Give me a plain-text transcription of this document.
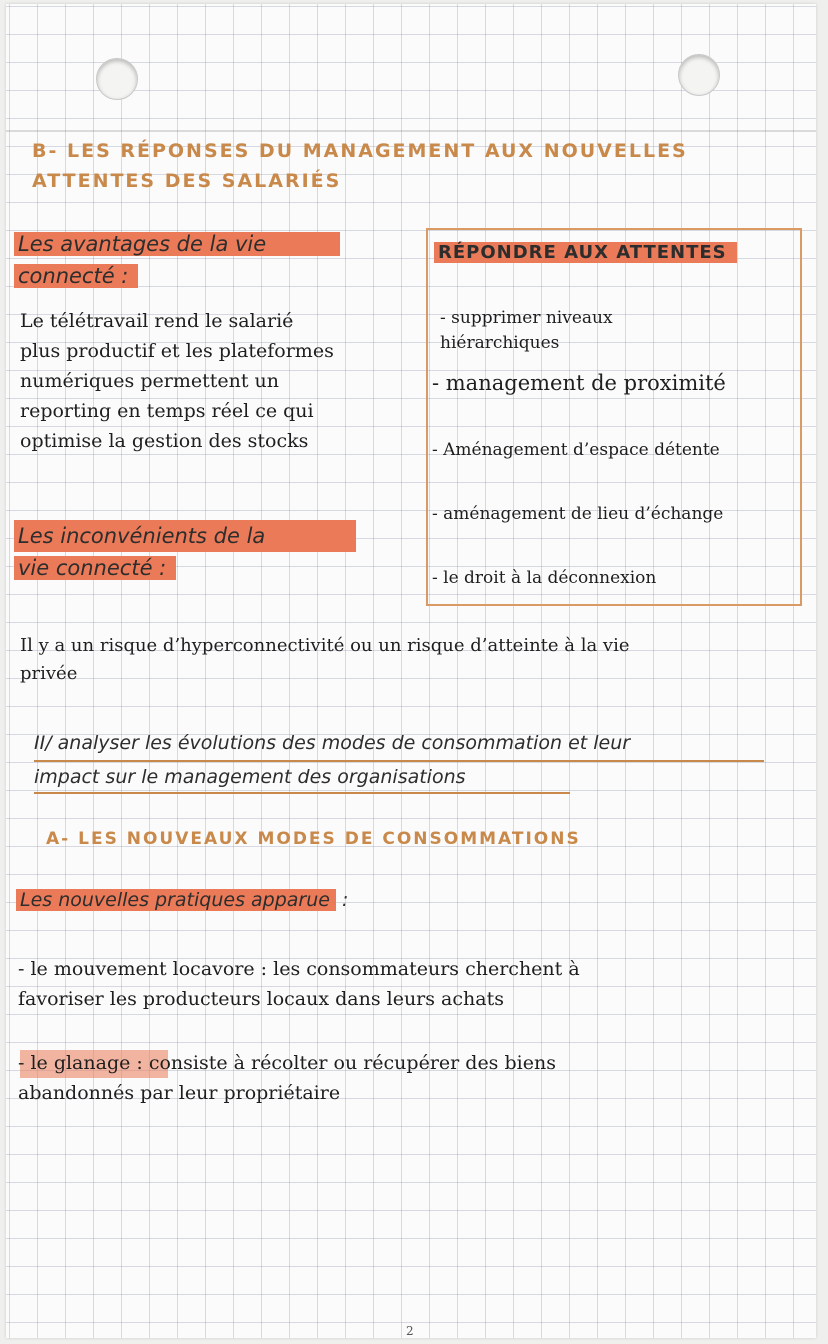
B- LES RÉPONSES DU MANAGEMENT AUX NOUVELLES
ATTENTES DES SALARIÉS
Les avantages de la vie
connecté :
Le télétravail rend le salarié
plus productif et les plateformes
numériques permettent un
reporting en temps réel ce qui
optimise la gestion des stocks
RÉPONDRE AUX ATTENTES
- supprimer niveaux
hiérarchiques
- management de proximité
- Aménagement d’espace détente
- aménagement de lieu d’échange
- le droit à la déconnexion
Les inconvénients de la
vie connecté :
Il y a un risque d’hyperconnectivité ou un risque d’atteinte à la vie
privée
II/ analyser les évolutions des modes de consommation et leur
impact sur le management des organisations
A- LES NOUVEAUX MODES DE CONSOMMATIONS
Les nouvelles pratiques apparue :
- le mouvement locavore : les consommateurs cherchent à
favoriser les producteurs locaux dans leurs achats
- le glanage : consiste à récolter ou récupérer des biens
abandonnés par leur propriétaire
2
